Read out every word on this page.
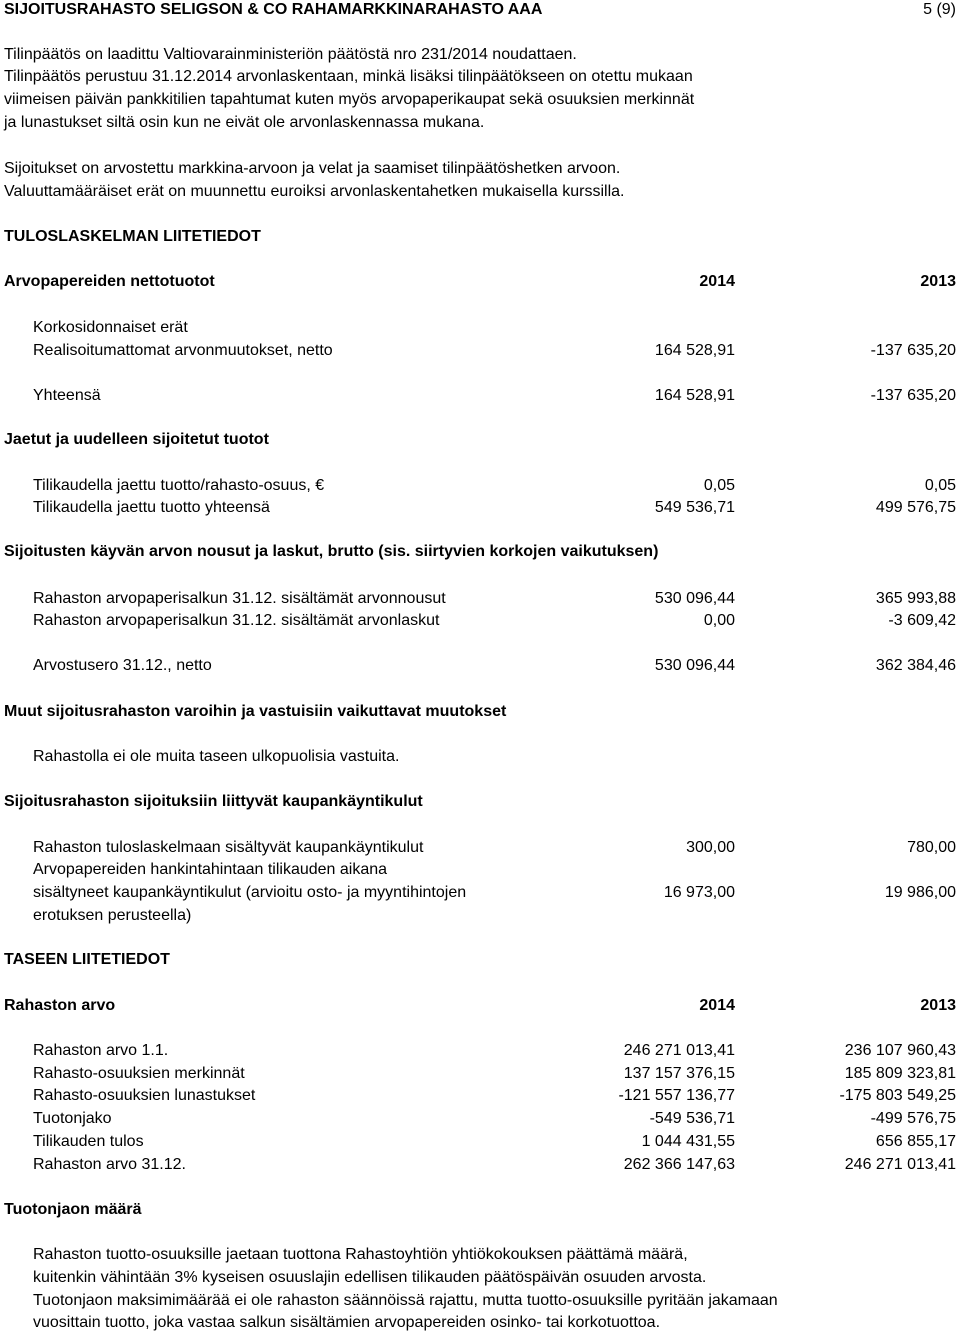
SIJOITUSRAHASTO SELIGSON & CO RAHAMARKKINARAHASTO AAA	5 (9)
Tilinpäätös on laadittu Valtiovarainministeriön päätöstä nro 231/2014 noudattaen.
Tilinpäätös perustuu 31.12.2014 arvonlaskentaan, minkä lisäksi tilinpäätökseen on otettu mukaan
viimeisen päivän pankkitilien tapahtumat kuten myös arvopaperikaupat sekä osuuksien merkinnät
ja lunastukset siltä osin kun ne eivät ole arvonlaskennassa mukana.
Sijoitukset on arvostettu markkina-arvoon ja velat ja saamiset tilinpäätöshetken arvoon.
Valuuttamääräiset erät on muunnettu euroiksi arvonlaskentahetken mukaisella kurssilla.
TULOSLASKELMAN LIITETIEDOT
Arvopapereiden nettotuotot	2014	2013
Korkosidonnaiset erät
Realisoitumattomat arvonmuutokset, netto	164 528,91	-137 635,20
Yhteensä	164 528,91	-137 635,20
Jaetut ja uudelleen sijoitetut tuotot
Tilikaudella jaettu tuotto/rahasto-osuus, €	0,05	0,05
Tilikaudella jaettu tuotto yhteensä	549 536,71	499 576,75
Sijoitusten käyvän arvon nousut ja laskut, brutto (sis. siirtyvien korkojen vaikutuksen)
Rahaston arvopaperisalkun 31.12. sisältämät arvonnousut	530 096,44	365 993,88
Rahaston arvopaperisalkun 31.12. sisältämät arvonlaskut	0,00	-3 609,42
Arvostusero 31.12., netto	530 096,44	362 384,46
Muut sijoitusrahaston varoihin ja vastuisiin vaikuttavat muutokset
Rahastolla ei ole muita taseen ulkopuolisia vastuita.
Sijoitusrahaston sijoituksiin liittyvät kaupankäyntikulut
Rahaston tuloslaskelmaan sisältyvät kaupankäyntikulut	300,00	780,00
Arvopapereiden hankintahintaan tilikauden aikana
sisältyneet kaupankäyntikulut (arvioitu osto- ja myyntihintojen	16 973,00	19 986,00
erotuksen perusteella)
TASEEN LIITETIEDOT
Rahaston arvo	2014	2013
Rahaston arvo 1.1.	246 271 013,41	236 107 960,43
Rahasto-osuuksien merkinnät	137 157 376,15	185 809 323,81
Rahasto-osuuksien lunastukset	-121 557 136,77	-175 803 549,25
Tuotonjako	-549 536,71	-499 576,75
Tilikauden tulos	1 044 431,55	656 855,17
Rahaston arvo 31.12.	262 366 147,63	246 271 013,41
Tuotonjaon määrä
Rahaston tuotto-osuuksille jaetaan tuottona Rahastoyhtiön yhtiökokouksen päättämä määrä,
kuitenkin vähintään 3% kyseisen osuuslajin edellisen tilikauden päätöspäivän osuuden arvosta.
Tuotonjaon maksimimäärää ei ole rahaston säännöissä rajattu, mutta tuotto-osuuksille pyritään jakamaan
vuosittain tuotto, joka vastaa salkun sisältämien arvopapereiden osinko- tai korkotuottoa.
